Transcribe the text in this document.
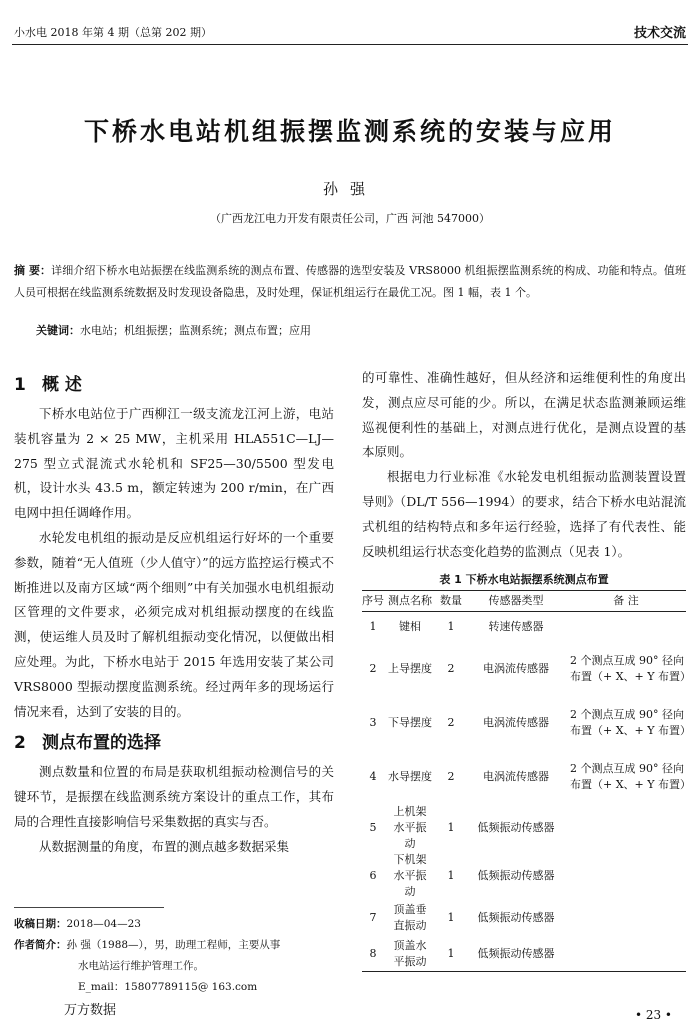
小水电 2018 年第 4 期（总第 202 期）	技术交流
下桥水电站机组振摆监测系统的安装与应用
孙强
（广西龙江电力开发有限责任公司，广西 河池 547000）
摘 要：详细介绍下桥水电站振摆在线监测系统的测点布置、传感器的选型安装及 VRS8000 机组振摆监测系统的构成、功能和特点。值班人员可根据在线监测系统数据及时发现设备隐患，及时处理，保证机组运行在最优工况。图 1 幅，表 1 个。
关键词：水电站；机组振摆；监测系统；测点布置；应用
1 概 述

下桥水电站位于广西柳江一级支流龙江河上游，电站装机容量为 2 × 25 MW，主机采用 HLA551C—LJ—275 型立式混流式水轮机和 SF25—30/5500 型发电机，设计水头 43.5 m，额定转速为 200 r/min，在广西电网中担任调峰作用。

水轮发电机组的振动是反应机组运行好坏的一个重要参数，随着“无人值班（少人值守）”的远方监控运行模式不断推进以及南方区域“两个细则”中有关加强水电机组振动区管理的文件要求，必须完成对机组振动摆度的在线监测，使运维人员及时了解机组振动变化情况，以便做出相应处理。为此，下桥水电站于 2015 年选用安装了某公司 VRS8000 型振动摆度监测系统。经过两年多的现场运行情况来看，达到了安装的目的。

2 测点布置的选择

测点数量和位置的布局是获取机组振动检测信号的关键环节，是振摆在线监测系统方案设计的重点工作，其布局的合理性直接影响信号采集数据的真实与否。

从数据测量的角度，布置的测点越多数据采集

的可靠性、准确性越好，但从经济和运维便利性的角度出发，测点应尽可能的少。所以，在满足状态监测兼顾运维巡视便利性的基础上，对测点进行优化，是测点设置的基本原则。

根据电力行业标准《水轮发电机组振动监测装置设置导则》（DL/T 556—1994）的要求，结合下桥水电站混流式机组的结构特点和多年运行经验，选择了有代表性、能反映机组运行状态变化趋势的监测点（见表 1）。

表 1 下桥水电站振摆系统测点布置
序号	测点名称	数量	传感器类型	备 注
1	键相	1	转速传感器	
2	上导摆度	2	电涡流传感器	2 个测点互成 90° 径向布置（+ X、+ Y 布置）
3	下导摆度	2	电涡流传感器	2 个测点互成 90° 径向布置（+ X、+ Y 布置）
4	水导摆度	2	电涡流传感器	2 个测点互成 90° 径向布置（+ X、+ Y 布置）
5	上机架水平振动	1	低频振动传感器	
6	下机架水平振动	1	低频振动传感器	
7	顶盖垂直振动	1	低频振动传感器	
8	顶盖水平振动	1	低频振动传感器	
收稿日期：2018—04—23
作者简介：孙 强（1988—），男，助理工程师，主要从事
水电站运行维护管理工作。
E_mail：15807789115@ 163.com
万方数据	• 23 •
